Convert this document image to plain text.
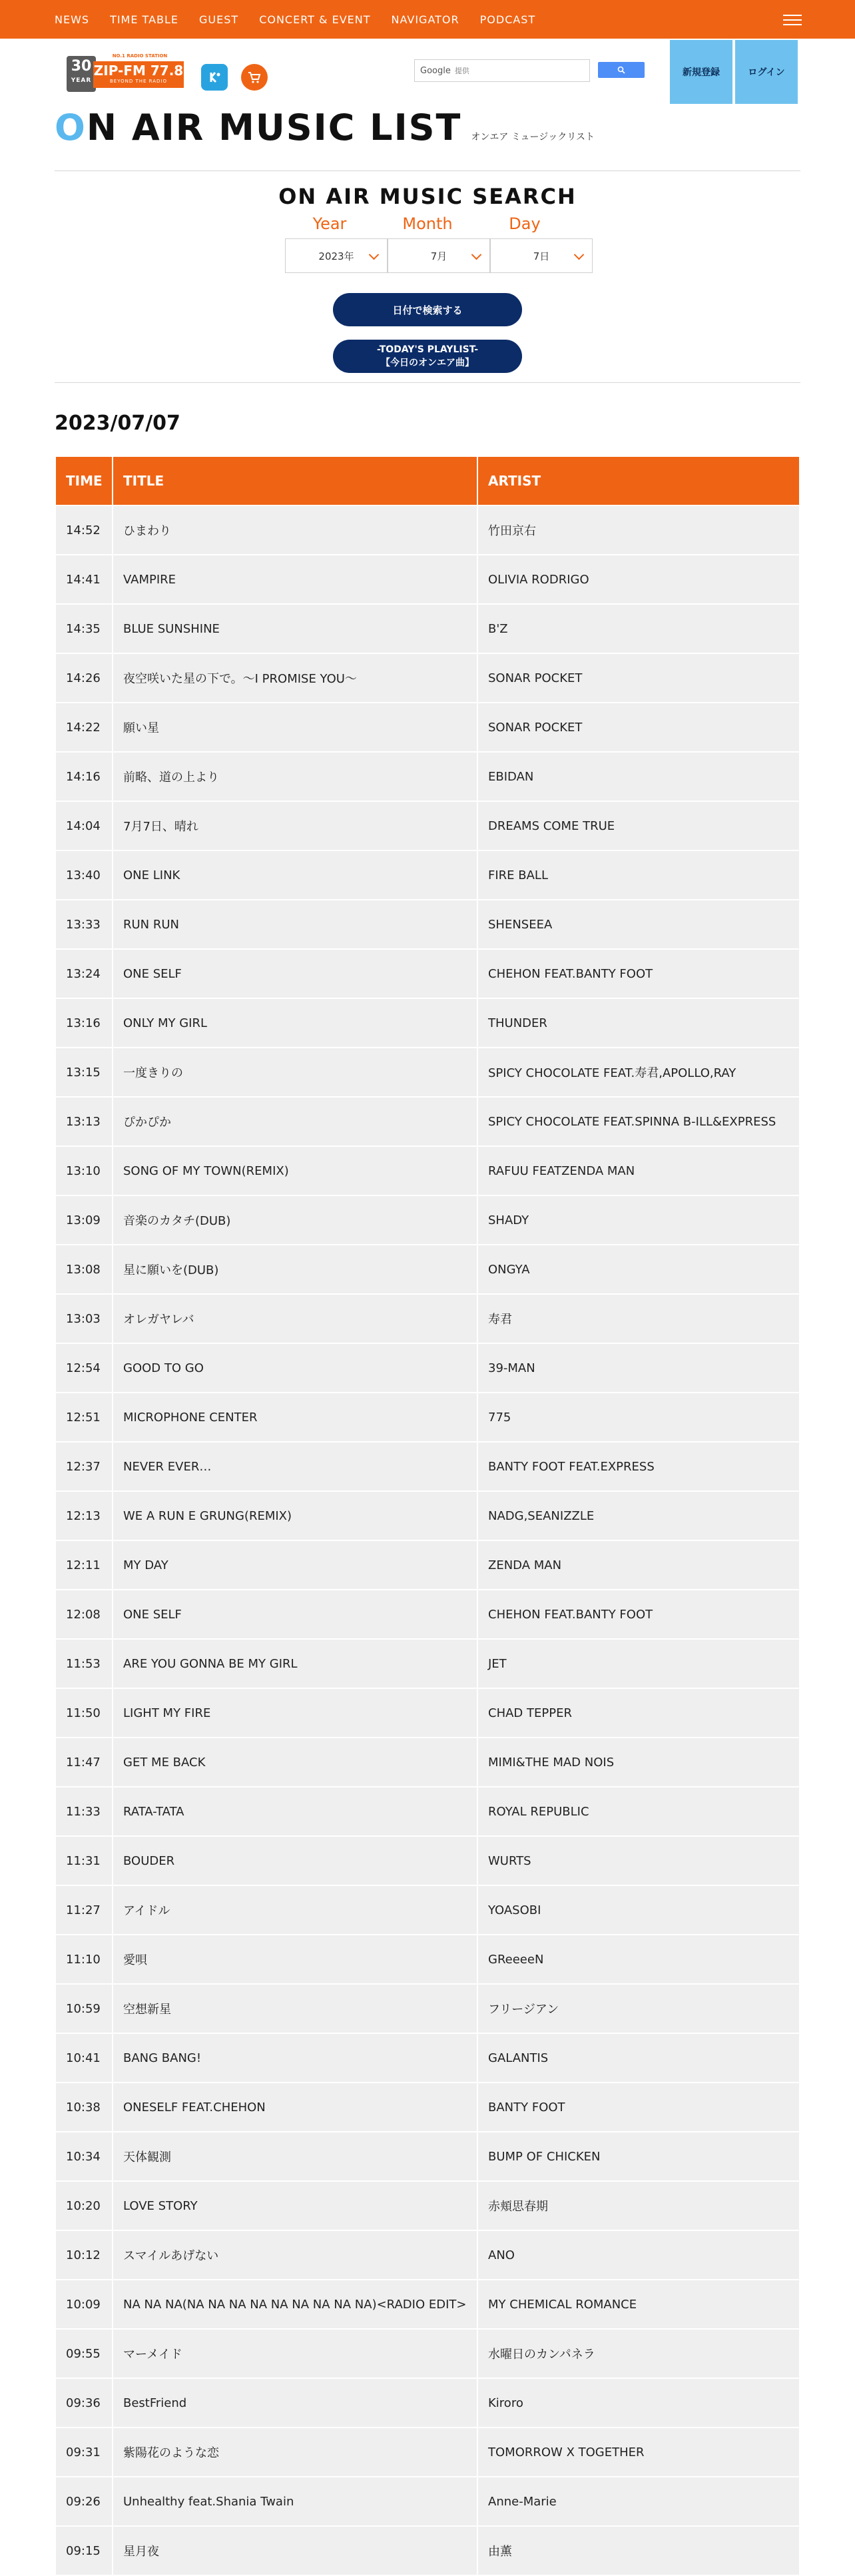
NEWS TIME TABLE GUEST CONCERT & EVENT NAVIGATOR PODCAST
30
YEAR
NO.1 RADIO STATION
ZIP-FM 77.8
BEYOND THE RADIO
Google 提供	新規登録	ログイン
ON AIR MUSIC LIST オンエア ミュージックリスト
ON AIR MUSIC SEARCH
Year	Month	Day
2023年	7月	7日
日付で検索する
-TODAY'S PLAYLIST-
【今日のオンエア曲】
2023/07/07
TIME	TITLE	ARTIST
14:52	ひまわり	竹田京右
14:41	VAMPIRE	OLIVIA RODRIGO
14:35	BLUE SUNSHINE	B'Z
14:26	夜空咲いた星の下で。〜I PROMISE YOU〜	SONAR POCKET
14:22	願い星	SONAR POCKET
14:16	前略、道の上より	EBIDAN
14:04	7月7日、晴れ	DREAMS COME TRUE
13:40	ONE LINK	FIRE BALL
13:33	RUN RUN	SHENSEEA
13:24	ONE SELF	CHEHON FEAT.BANTY FOOT
13:16	ONLY MY GIRL	THUNDER
13:15	一度きりの	SPICY CHOCOLATE FEAT.寿君,APOLLO,RAY
13:13	ぴかぴか	SPICY CHOCOLATE FEAT.SPINNA B-ILL&EXPRESS
13:10	SONG OF MY TOWN(REMIX)	RAFUU FEATZENDA MAN
13:09	音楽のカタチ(DUB)	SHADY
13:08	星に願いを(DUB)	ONGYA
13:03	オレガヤレバ	寿君
12:54	GOOD TO GO	39-MAN
12:51	MICROPHONE CENTER	775
12:37	NEVER EVER…	BANTY FOOT FEAT.EXPRESS
12:13	WE A RUN E GRUNG(REMIX)	NADG,SEANIZZLE
12:11	MY DAY	ZENDA MAN
12:08	ONE SELF	CHEHON FEAT.BANTY FOOT
11:53	ARE YOU GONNA BE MY GIRL	JET
11:50	LIGHT MY FIRE	CHAD TEPPER
11:47	GET ME BACK	MIMI&THE MAD NOIS
11:33	RATA-TATA	ROYAL REPUBLIC
11:31	BOUDER	WURTS
11:27	アイドル	YOASOBI
11:10	愛唄	GReeeeN
10:59	空想新星	フリージアン
10:41	BANG BANG!	GALANTIS
10:38	ONESELF FEAT.CHEHON	BANTY FOOT
10:34	天体観測	BUMP OF CHICKEN
10:20	LOVE STORY	赤頬思春期
10:12	スマイルあげない	ANO
10:09	NA NA NA(NA NA NA NA NA NA NA NA NA)<RADIO EDIT>	MY CHEMICAL ROMANCE
09:55	マーメイド	水曜日のカンパネラ
09:36	BestFriend	Kiroro
09:31	紫陽花のような恋	TOMORROW X TOGETHER
09:26	Unhealthy feat.Shania Twain	Anne-Marie
09:15	星月夜	由薫
